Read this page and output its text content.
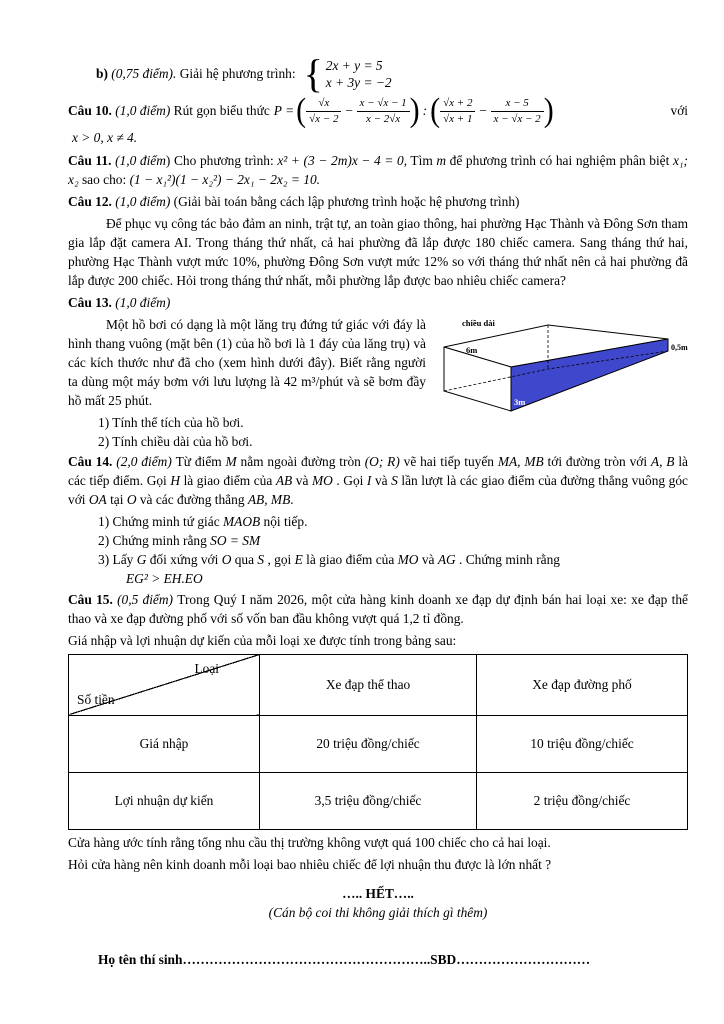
b) (0,75 điểm). Giải hệ phương trình: { 2x + y = 5
x + 3y = −2
Câu 10. (1,0 điểm) Rút gọn biểu thức P = ( $\frac{√x}{√x - 2} - \frac{x - √x - 1}{x - 2√x}$ ) : ( $\frac{√x + 2}{√x + 1} - \frac{x - 5}{x - √x - 2}$ )	với
x > 0, x ≠ 4.
Câu 11. (1,0 điểm) Cho phương trình: x² + (3 − 2m)x − 4 = 0, Tìm m để phương trình có hai nghiệm phân biệt x₁; x₂ sao cho: (1 − x₁²)(1 − x₂²) − 2x₁ − 2x₂ = 10.
Câu 12. (1,0 điểm) (Giải bài toán bằng cách lập phương trình hoặc hệ phương trình)
Để phục vụ công tác bảo đảm an ninh, trật tự, an toàn giao thông, hai phường Hạc Thành và Đông Sơn tham gia lắp đặt camera AI. Trong tháng thứ nhất, cả hai phường đã lắp được 180 chiếc camera. Sang tháng thứ hai, phường Hạc Thành vượt mức 10%, phường Đông Sơn vượt mức 12% so với tháng thứ nhất nên cả hai phường đã lắp được 200 chiếc. Hỏi trong tháng thứ nhất, mỗi phường lắp được bao nhiêu chiếc camera?
Câu 13. (1,0 điểm)
chiều dài
6m	0,5m
(1)
3m
Một hồ bơi có dạng là một lăng trụ đứng tứ giác với đáy là hình thang vuông (mặt bên (1) của hồ bơi là 1 đáy của lăng trụ) và các kích thước như đã cho (xem hình dưới đây). Biết rằng người ta dùng một máy bơm với lưu lượng là 42 m³/phút và sẽ bơm đầy hồ mất 25 phút.
1) Tính thể tích của hồ bơi.
2) Tính chiều dài của hồ bơi.
Câu 14. (2,0 điểm) Từ điểm M nằm ngoài đường tròn (O; R) vẽ hai tiếp tuyến MA, MB tới đường tròn với A, B là các tiếp điểm. Gọi H là giao điểm của AB và MO . Gọi I và S lần lượt là các giao điểm của đường thẳng vuông góc với OA tại O và các đường thẳng AB, MB.
1) Chứng minh tứ giác MAOB nội tiếp.
2) Chứng minh rằng SO = SM
3) Lấy G đối xứng với O qua S , gọi E là giao điểm của MO và AG . Chứng minh rằng
EG² > EH.EO
Câu 15. (0,5 điểm) Trong Quý I năm 2026, một cửa hàng kinh doanh xe đạp dự định bán hai loại xe: xe đạp thể thao và xe đạp đường phố với số vốn ban đầu không vượt quá 1,2 tỉ đồng.
Giá nhập và lợi nhuận dự kiến của mỗi loại xe được tính trong bảng sau:
Loại
Số tiền	Xe đạp thể thao	Xe đạp đường phố
Giá nhập	20 triệu đồng/chiếc	10 triệu đồng/chiếc
Lợi nhuận dự kiến	3,5 triệu đồng/chiếc	2 triệu đồng/chiếc
Cửa hàng ước tính rằng tổng nhu cầu thị trường không vượt quá 100 chiếc cho cả hai loại.
Hỏi cửa hàng nên kinh doanh mỗi loại bao nhiêu chiếc để lợi nhuận thu được là lớn nhất ?
….. HẾT…..
(Cán bộ coi thi không giải thích gì thêm)
Họ tên thí sinh………………………………………………..SBD…………………………
